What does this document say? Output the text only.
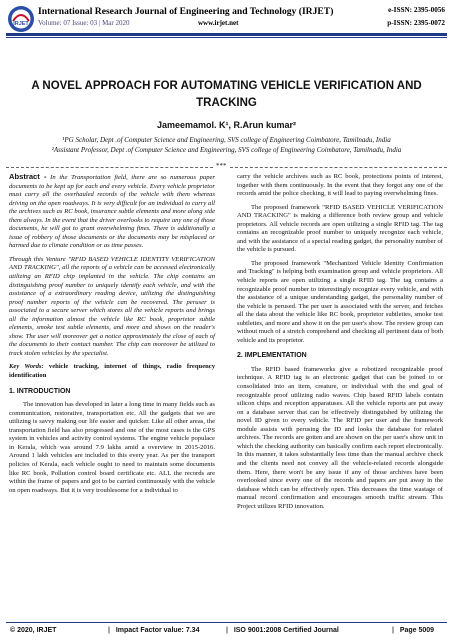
IRJET
International Research Journal of Engineering and Technology (IRJET)
Volume: 07 Issue: 03 | Mar 2020	www.irjet.net
e-ISSN: 2395-0056
p-ISSN: 2395-0072
A NOVEL APPROACH FOR AUTOMATING VEHICLE VERIFICATION AND TRACKING
Jameemamol. K¹, R.Arun kumar²
¹PG Scholar, Dept .of Computer Science and Engineering, SVS college of Engineering Coimbatore, Tamilnadu, India
²Assistant Professor, Dept .of Computer Science and Engineering, SVS college of Engineering Coimbatore, Tamilnadu, India
***

Abstract - In the Transportation field, there are so numerous paper documents to be kept up for each and every vehicle. Every vehicle proprietor must carry all the overhauled records of the vehicle with them whereas driving on the open roadways. It is very difficult for an individual to carry all the archives such as RC book, insurance subtle elements and more along side them always. In the event that the driver overlooks to require any one of those documents, he will got to grant overwhelming fines. There is additionally a issue of robbery of those documents or the documents may be misplaced or harmed due to climate condition or as time passes.

Through this Venture "RFID BASED VEHICLE IDENTITY VERIFICATION AND TRACKING", all the reports of a vehicle can be accessed electronically utilizing an RFID chip implanted in the vehicle. The chip contains an distinguishing proof number to uniquely identify each vehicle, and with the assistance of a extraordinary reading device, utilizing the distinguishing proof number reports of the vehicle can be recovered. The peruser is associated to a secure server which stores all the vehicle reports and brings all the information almost the vehicle like RC book, proprietor subtle elements, smoke test subtle elements, and more and shows on the reader's show. The user will moreover get a notice approximately the close of each of the documents to their contact number. The chip can moreover be utilized to track stolen vehicles by the specialist.

Key Words: vehicle tracking, internet of things, radio frequency identification

1. INTRODUCTION

The innovation has developed in later a long time in many fields such as communication, restorative, transportation etc. All the gadgets that we are utilizing is savvy making our life easier and quicker. Like all other areas, the transportation field has also progressed and one of the most cases is the GPS system in vehicles and activity control systems. The engine vehicle populace in Kerala, which was around 7.9 lakhs amid a overview in 2015-2016. Around 1 lakh vehicles are included to this every year. As per the transport policies of Kerala, each vehicle ought to need to maintain some documents like RC book, Pollution control board certificate etc. ALL the records are within the frame of papers and got to be carried continuously with the vehicle on open roadways. But it is very troublesome for a individual to

carry the vehicle archives such as RC book, protections points of interest, together with them continuously. In the event that they forgot any one of the records amid the police checking, it will lead to paying overwhelming fines.

The proposed framework "RFID BASED VEHICLE VERIFICATION AND TRACKING" is making a difference both review group and vehicle proprietors. All vehicle records are open utilizing a single RFID tag. The tag contains an recognizable proof number to uniquely recognize each vehicle, and with the assistance of a special reading gadget, the personality number of the vehicle is pursued.

The proposed framework "Mechanized Vehicle Identity Confirmation and Tracking" is helping both examination group and vehicle proprietors. All vehicle reports are open utilizing a single RFID tag. The tag contains a recognizable proof number to interestingly recognize every vehicle, and with the assistance of a unique understanding gadget, the personality number of the vehicle is perused. The per user is associated with the server, and fetches all the data about the vehicle like RC book, proprietor subtleties, smoke test subtleties, and more and show it on the per user's show. The review group can without much of a stretch comprehend and checking all pertinent data of both vehicle and its proprietor.

2. IMPLEMENTATION

The RFID based frameworks give a robotized recognizable proof technique. A RFID tag is an electronic gadget that can be joined to or consolidated into an item, creature, or individual with the end goal of recognizable proof utilizing radio waves. Chip based RFID labels contain silicon chips and reception apparatuses. All the vehicle reports are put away on a database server that can be effectively distinguished by utilizing the novel ID given to every vehicle. The RFID per user and the framework module assists with perusing the ID and looks the database for related archives. The records are gotten and are shown on the per user's show unit in which the checking authority can basically confirm each report electronically. In this manner, it takes substantially less time than the manual archive check and the clients need not convey all the vehicle-related records alongside them. Here, there won't be any issue if any of those archives have been overlooked since every one of the records and papers are put away in the database which can be effectively open. This decreases the time wastage of manual record confirmation and encourages smooth traffic stream. This Project utilizes RFID innovation.

© 2020, IRJET	| Impact Factor value: 7.34	| ISO 9001:2008 Certified Journal	| Page 5009
